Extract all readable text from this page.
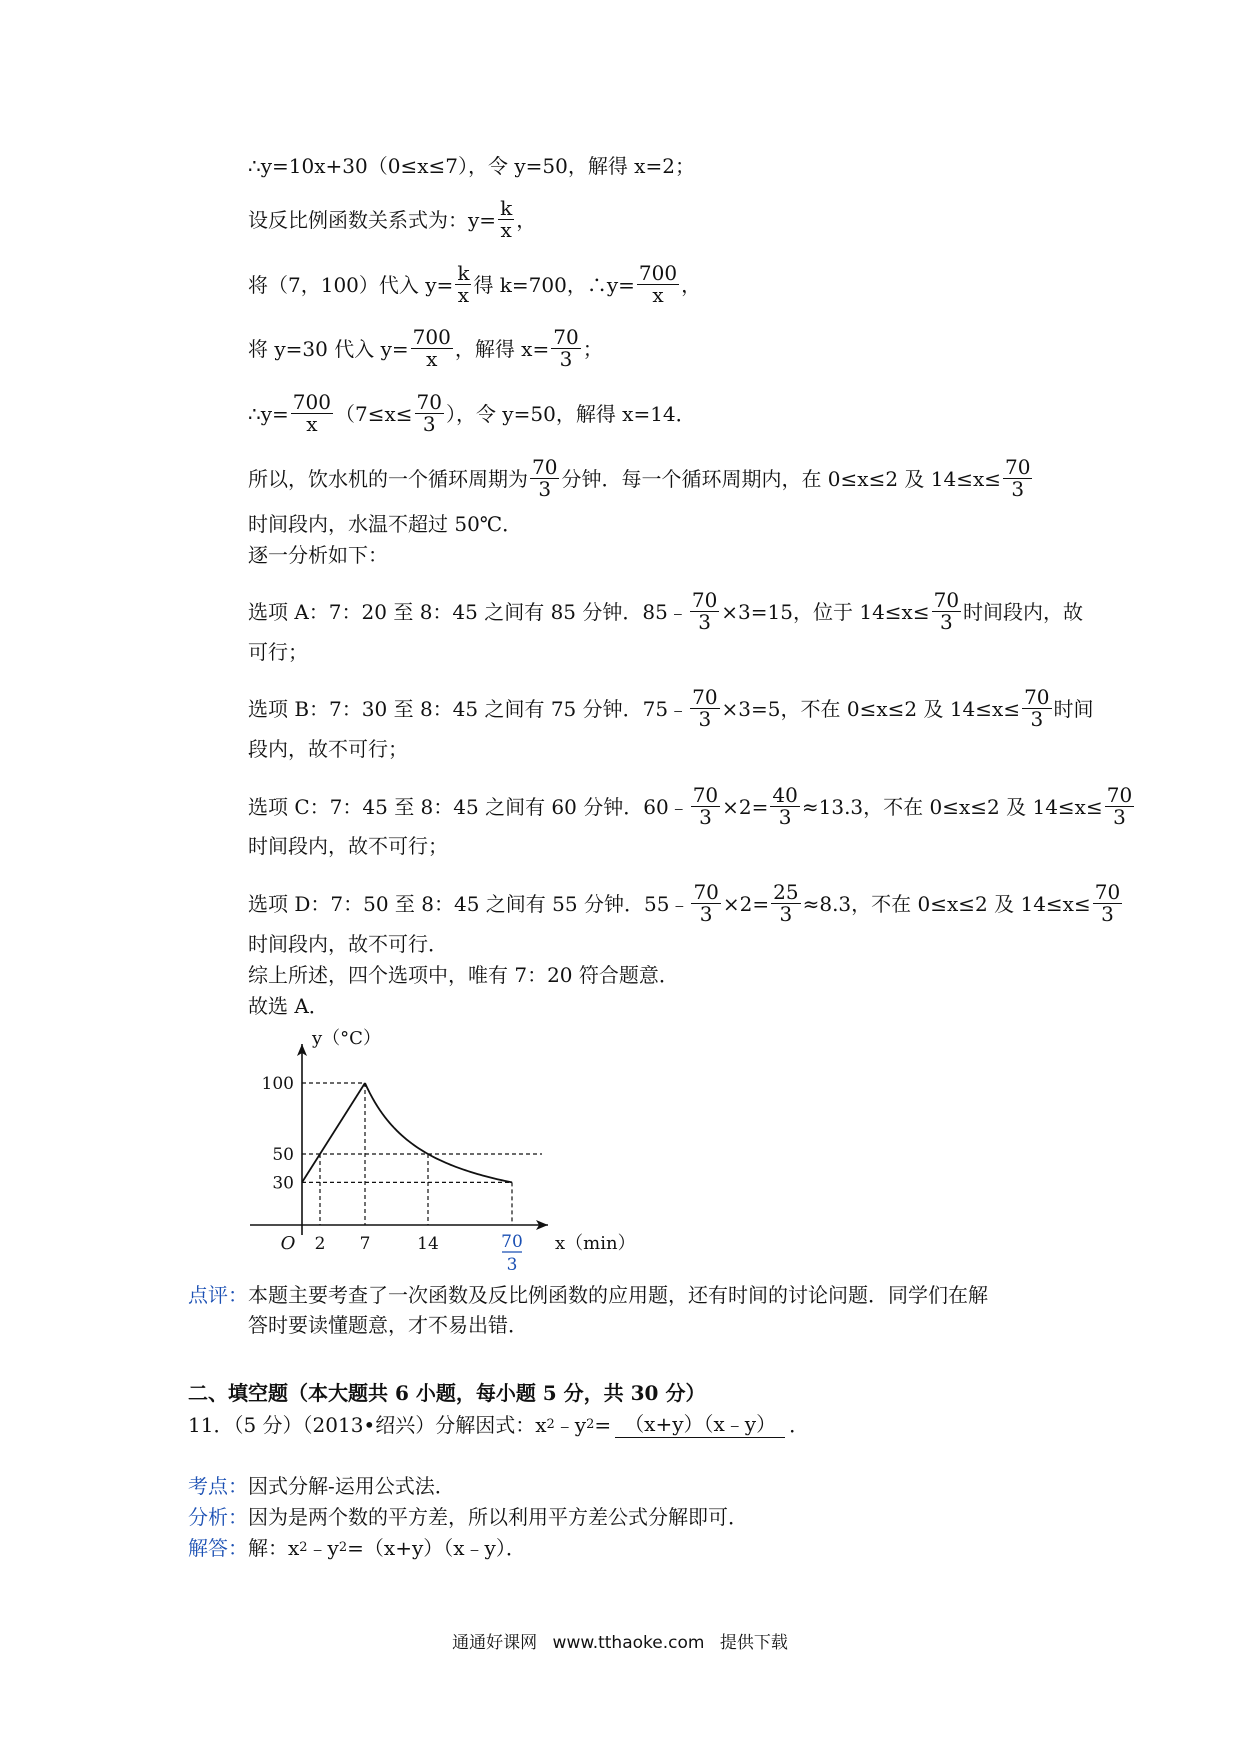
∴y=10x+30（0≤x≤7），令 y=50，解得 x=2；
设反比例函数关系式为：$y= \frac{k}{x}$ ，
将（7，100）代入 $y= \frac{k}{x}$ 得 k=700，∴y= $\frac{700}{x}$ ，
将 y=30 代入 $y= \frac{700}{x}$ ，解得 $x= \frac{70}{3}$ ；
∴y= $\frac{700}{x} (7\le x\le \frac{70}{3}$ ），令 y=50，解得 x=14．
所以，饮水机的一个循环周期为 $\frac{70}{3}$ 分钟．每一个循环周期内，在 0≤x≤2 及 $14\le x\le \frac{70}{3}$
时间段内，水温不超过 50℃．
逐一分析如下：
选项 A：7：20 至 8：45 之间有 85 分钟．85﹣ $\frac{70}{3} \times 3=15$，位于 $14\le x\le \frac{70}{3}$ 时间段内，故
可行；
选项 B：7：30 至 8：45 之间有 75 分钟．75﹣ $\frac{70}{3} \times 3=5$，不在 0≤x≤2 及 $14\le x\le \frac{70}{3}$ 时间
段内，故不可行；
选项 C：7：45 至 8：45 之间有 60 分钟．60﹣ $\frac{70}{3} \times 2= \frac{40}{3} \approx 13.3$，不在 0≤x≤2 及 $14\le x\le \frac{70}{3}$
时间段内，故不可行；
选项 D：7：50 至 8：45 之间有 55 分钟．55﹣ $\frac{70}{3} \times 2= \frac{25}{3} \approx 8.3$，不在 0≤x≤2 及 $14\le x\le \frac{70}{3}$
时间段内，故不可行．
综上所述，四个选项中，唯有 7：20 符合题意．
故选 A．
30
50
100
2 7	14	70
3
O
y（°C）
x（min）
点评： 本题主要考查了一次函数及反比例函数的应用题，还有时间的讨论问题．同学们在解
答时要读懂题意，才不易出错．
二、填空题（本大题共 6 小题，每小题 5 分，共 30 分）
11．（5 分）（2013•绍兴）分解因式：x 2 ﹣y 2 = （x+y）（x﹣y） ．
考点： 因式分解-运用公式法．
分析： 因为是两个数的平方差，所以利用平方差公式分解即可．
解答： 解：x 2 ﹣y 2 =（x+y）（x﹣y）．
通通好课网 www.tthaoke.com 提供下载
